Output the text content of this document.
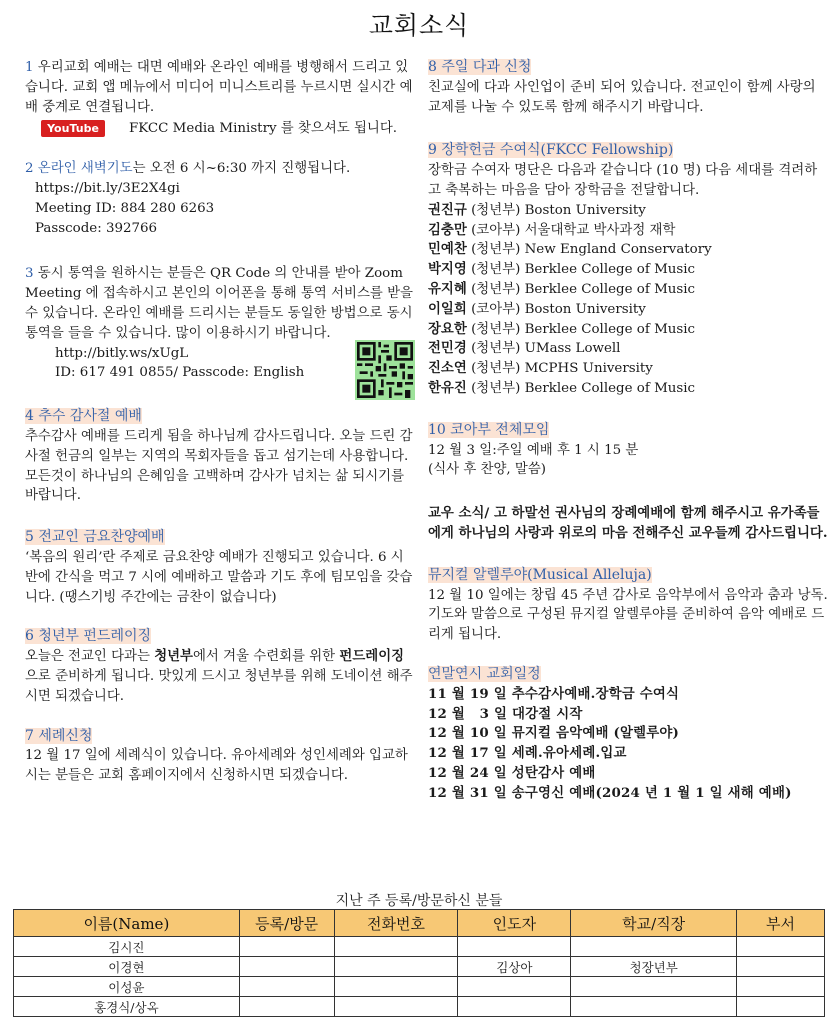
교회소식

1 우리교회 예배는 대면 예배와 온라인 예배를 병행해서 드리고 있습니다. 교회 앱 메뉴에서 미디어 미니스트리를 누르시면 실시간 예배 중계로 연결됩니다.

YouTube	FKCC Media Ministry 를 찾으셔도 됩니다.

2 온라인 새벽기도는 오전 6 시~6:30 까지 진행됩니다.

https://bit.ly/3E2X4gi

Meeting ID: 884 280 6263

Passcode: 392766

3 동시 통역을 원하시는 분들은 QR Code 의 안내를 받아 Zoom Meeting 에 접속하시고 본인의 이어폰을 통해 통역 서비스를 받을 수 있습니다. 온라인 예배를 드리시는 분들도 동일한 방법으로 동시 통역을 들을 수 있습니다. 많이 이용하시기 바랍니다.

http://bitly.ws/xUgL

ID: 617 491 0855/ Passcode: English

4 추수 감사절 예배

추수감사 예배를 드리게 됨을 하나님께 감사드립니다. 오늘 드린 감사절 헌금의 일부는 지역의 목회자들을 돕고 섬기는데 사용합니다. 모든것이 하나님의 은혜임을 고백하며 감사가 넘치는 삶 되시기를 바랍니다.

5 전교인 금요찬양예배

‘복음의 원리’란 주제로 금요찬양 예배가 진행되고 있습니다. 6 시반에 간식을 먹고 7 시에 예배하고 말씀과 기도 후에 팀모임을 갖습니다. (땡스기빙 주간에는 금찬이 없습니다)

6 청년부 펀드레이징

오늘은 전교인 다과는 청년부에서 겨울 수련회를 위한 펀드레이징으로 준비하게 됩니다. 맛있게 드시고 청년부를 위해 도네이션 해주시면 되겠습니다.

7 세례신청

12 월 17 일에 세례식이 있습니다. 유아세례와 성인세례와 입교하시는 분들은 교회 홈페이지에서 신청하시면 되겠습니다.

8 주일 다과 신청

친교실에 다과 사인업이 준비 되어 있습니다. 전교인이 함께 사랑의 교제를 나눌 수 있도록 함께 해주시기 바랍니다.

9 장학헌금 수여식(FKCC Fellowship)

장학금 수여자 명단은 다음과 같습니다 (10 명) 다음 세대를 격려하고 축복하는 마음을 담아 장학금을 전달합니다.

권진규 (청년부) Boston University

김충만 (코아부) 서울대학교 박사과정 재학

민예찬 (청년부) New England Conservatory

박지영 (청년부) Berklee College of Music

유지혜 (청년부) Berklee College of Music

이일희 (코아부) Boston University

장요한 (청년부) Berklee College of Music

전민경 (청년부) UMass Lowell

진소연 (청년부) MCPHS University

한유진 (청년부) Berklee College of Music

10 코아부 전체모임

12 월 3 일:주일 예배 후 1 시 15 분

(식사 후 찬양, 말씀)

교우 소식/ 고 하말선 권사님의 장례예배에 함께 해주시고 유가족들에게 하나님의 사랑과 위로의 마음 전해주신 교우들께 감사드립니다.

뮤지컬 알렐루야(Musical Alleluja)

12 월 10 일에는 창립 45 주년 감사로 음악부에서 음악과 춤과 낭독. 기도와 말씀으로 구성된 뮤지컬 알렐루야를 준비하여 음악 예배로 드리게 됩니다.

연말연시 교회일정

11 월 19 일 추수감사예배.장학금 수여식

12 월   3 일 대강절 시작

12 월 10 일 뮤지컬 음악예배 (알렐루야)

12 월 17 일 세례.유아세례.입교

12 월 24 일 성탄감사 예배

12 월 31 일 송구영신 예배(2024 년 1 월 1 일 새해 예배)

지난 주 등록/방문하신 분들
이름(Name)	등록/방문	전화번호	인도자	학교/직장	부서
김시진					
이경현			김상아	청장년부	
이성윤					
홍경식/상옥					
